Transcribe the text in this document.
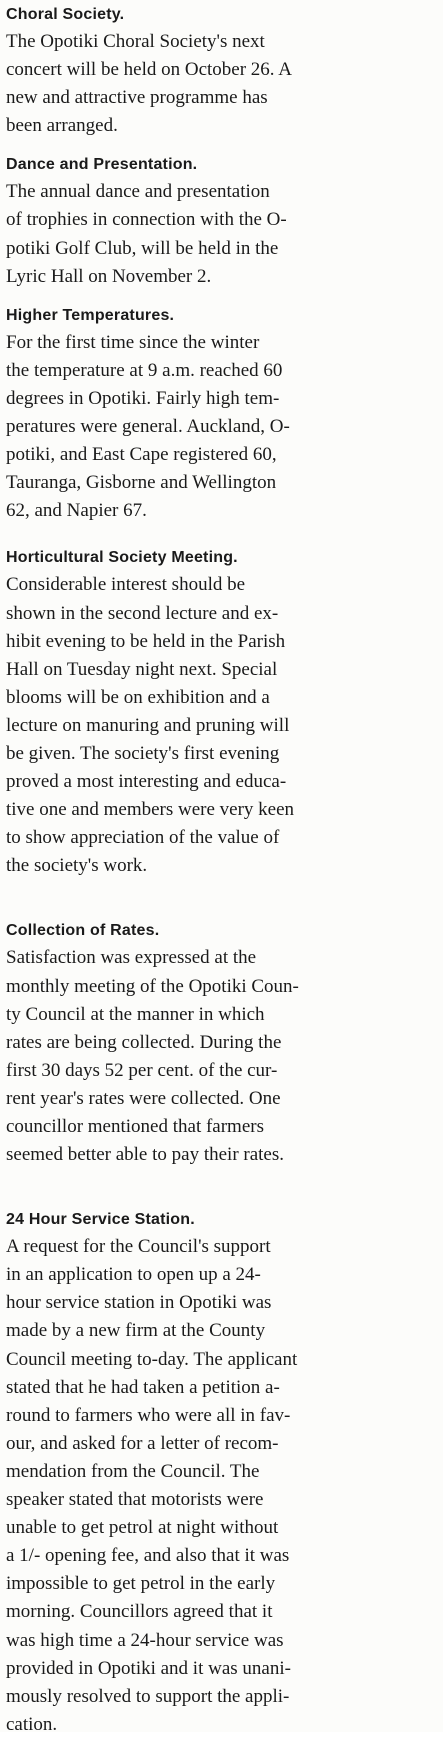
Choral Society.

The Opotiki Choral Society's next
concert will be held on October 26. A
new and attractive programme has
been arranged.

Dance and Presentation.

The annual dance and presentation
of trophies in connection with the O-
potiki Golf Club, will be held in the
Lyric Hall on November 2.

Higher Temperatures.

For the first time since the winter
the temperature at 9 a.m. reached 60
degrees in Opotiki. Fairly high tem-
peratures were general. Auckland, O-
potiki, and East Cape registered 60,
Tauranga, Gisborne and Wellington
62, and Napier 67.

Horticultural Society Meeting.

Considerable interest should be
shown in the second lecture and ex-
hibit evening to be held in the Parish
Hall on Tuesday night next. Special
blooms will be on exhibition and a
lecture on manuring and pruning will
be given. The society's first evening
proved a most interesting and educa-
tive one and members were very keen
to show appreciation of the value of
the society's work.

Collection of Rates.

Satisfaction was expressed at the
monthly meeting of the Opotiki Coun-
ty Council at the manner in which
rates are being collected. During the
first 30 days 52 per cent. of the cur-
rent year's rates were collected. One
councillor mentioned that farmers
seemed better able to pay their rates.

24 Hour Service Station.

A request for the Council's support
in an application to open up a 24-
hour service station in Opotiki was
made by a new firm at the County
Council meeting to-day. The applicant
stated that he had taken a petition a-
round to farmers who were all in fav-
our, and asked for a letter of recom-
mendation from the Council. The
speaker stated that motorists were
unable to get petrol at night without
a 1/- opening fee, and also that it was
impossible to get petrol in the early
morning. Councillors agreed that it
was high time a 24-hour service was
provided in Opotiki and it was unani-
mously resolved to support the appli-
cation.
